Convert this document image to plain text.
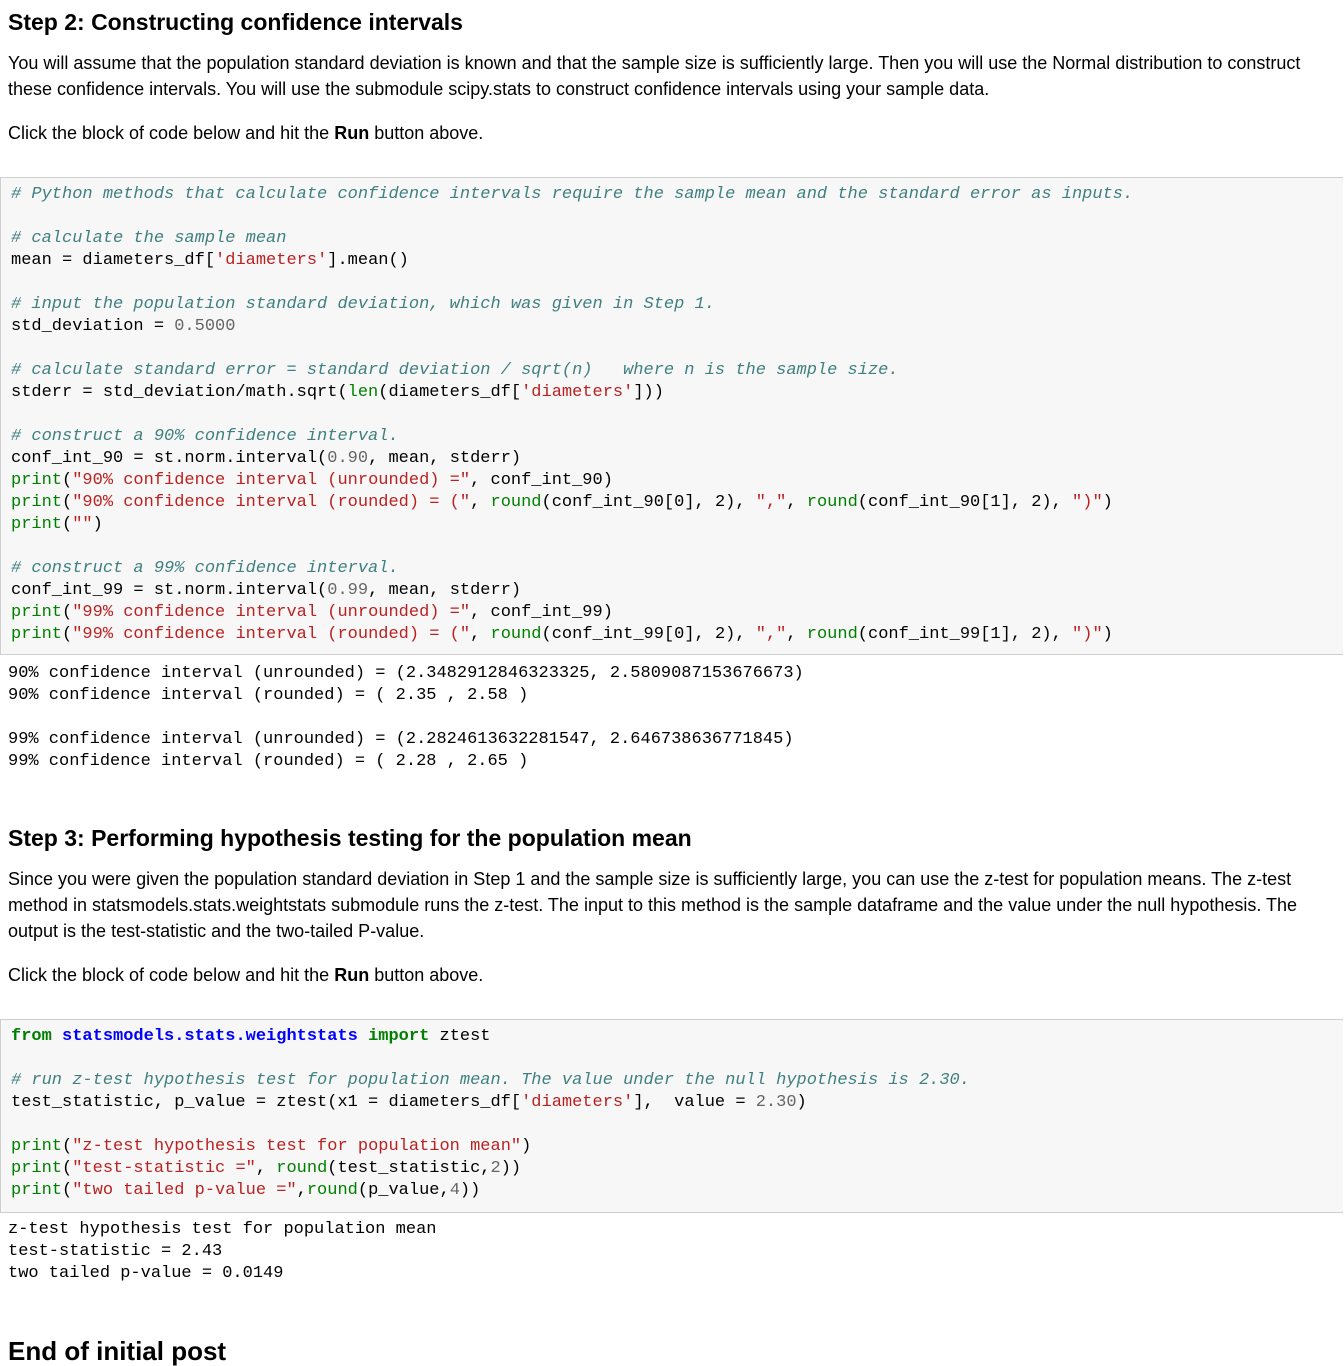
Step 2: Constructing confidence intervals

You will assume that the population standard deviation is known and that the sample size is sufficiently large. Then you will use the Normal distribution to construct these confidence intervals. You will use the submodule scipy.stats to construct confidence intervals using your sample data.

Click the block of code below and hit the Run button above.

# Python methods that calculate confidence intervals require the sample mean and the standard error as inputs.

# calculate the sample mean
mean = diameters_df['diameters'].mean()

# input the population standard deviation, which was given in Step 1.
std_deviation = 0.5000

# calculate standard error = standard deviation / sqrt(n)   where n is the sample size.
stderr = std_deviation/math.sqrt(len(diameters_df['diameters']))

# construct a 90% confidence interval.
conf_int_90 = st.norm.interval(0.90, mean, stderr)
print("90% confidence interval (unrounded) =", conf_int_90)
print("90% confidence interval (rounded) = (", round(conf_int_90[0], 2), ",", round(conf_int_90[1], 2), ")")
print("")

# construct a 99% confidence interval.
conf_int_99 = st.norm.interval(0.99, mean, stderr)
print("99% confidence interval (unrounded) =", conf_int_99)
print("99% confidence interval (rounded) = (", round(conf_int_99[0], 2), ",", round(conf_int_99[1], 2), ")")
90% confidence interval (unrounded) = (2.3482912846323325, 2.5809087153676673)
90% confidence interval (rounded) = ( 2.35 , 2.58 )

99% confidence interval (unrounded) = (2.2824613632281547, 2.646738636771845)
99% confidence interval (rounded) = ( 2.28 , 2.65 )
Step 3: Performing hypothesis testing for the population mean

Since you were given the population standard deviation in Step 1 and the sample size is sufficiently large, you can use the z-test for population means. The z-test method in statsmodels.stats.weightstats submodule runs the z-test. The input to this method is the sample dataframe and the value under the null hypothesis. The output is the test-statistic and the two-tailed P-value.

Click the block of code below and hit the Run button above.

from statsmodels.stats.weightstats import ztest

# run z-test hypothesis test for population mean. The value under the null hypothesis is 2.30.
test_statistic, p_value = ztest(x1 = diameters_df['diameters'],  value = 2.30)

print("z-test hypothesis test for population mean")
print("test-statistic =", round(test_statistic,2))
print("two tailed p-value =",round(p_value,4))
z-test hypothesis test for population mean
test-statistic = 2.43
two tailed p-value = 0.0149
End of initial post
